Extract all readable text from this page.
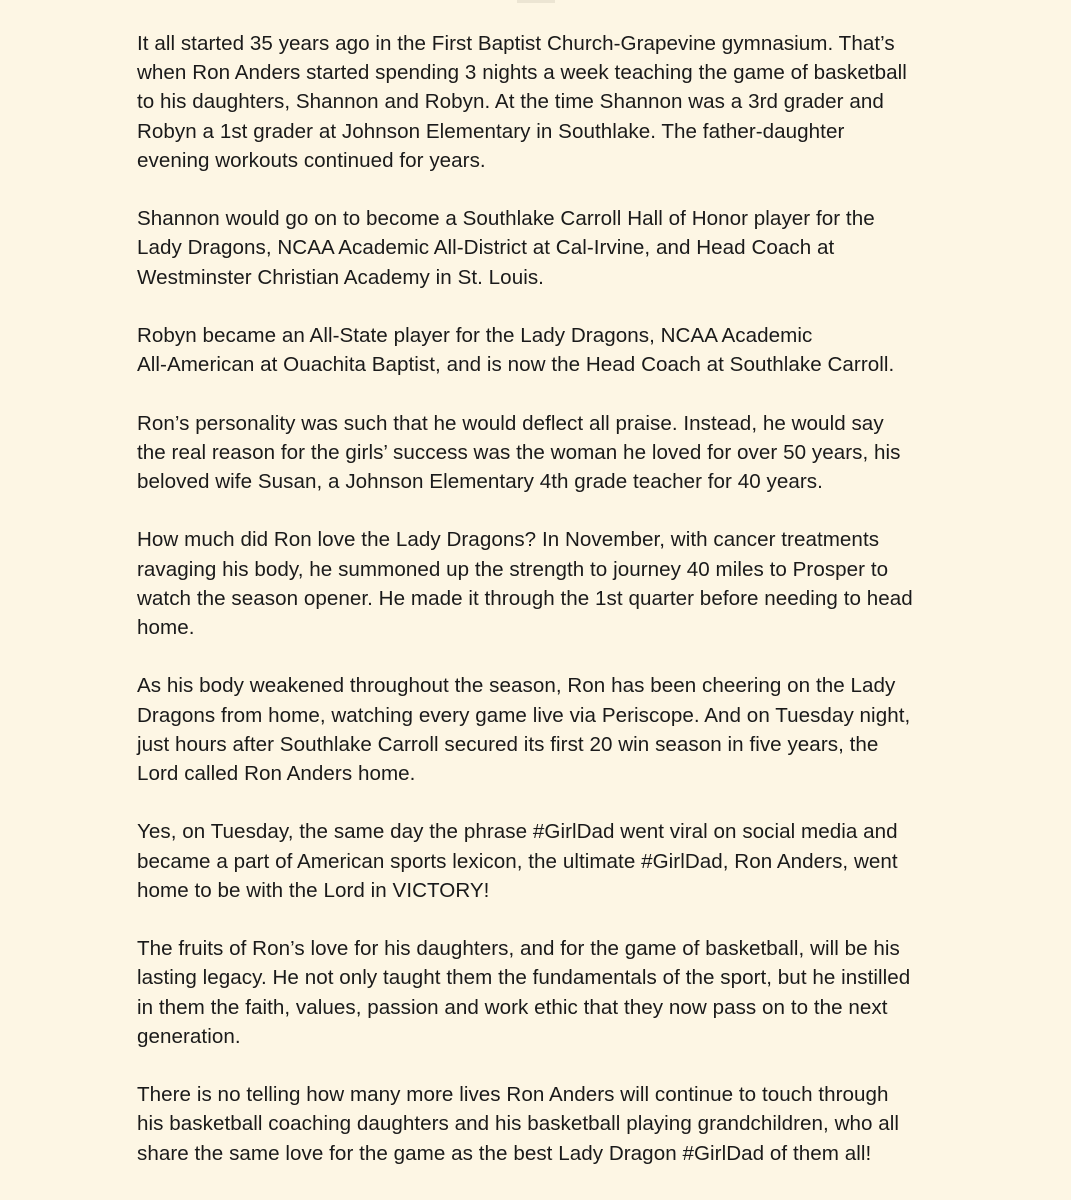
It all started 35 years ago in the First Baptist Church-Grapevine gymnasium. That’s
when Ron Anders started spending 3 nights a week teaching the game of basketball
to his daughters, Shannon and Robyn. At the time Shannon was a 3rd grader and
Robyn a 1st grader at Johnson Elementary in Southlake. The father-daughter
evening workouts continued for years.

Shannon would go on to become a Southlake Carroll Hall of Honor player for the
Lady Dragons, NCAA Academic All-District at Cal-Irvine, and Head Coach at
Westminster Christian Academy in St. Louis.

Robyn became an All-State player for the Lady Dragons, NCAA Academic
All-American at Ouachita Baptist, and is now the Head Coach at Southlake Carroll.

Ron’s personality was such that he would deflect all praise. Instead, he would say
the real reason for the girls’ success was the woman he loved for over 50 years, his
beloved wife Susan, a Johnson Elementary 4th grade teacher for 40 years.

How much did Ron love the Lady Dragons? In November, with cancer treatments
ravaging his body, he summoned up the strength to journey 40 miles to Prosper to
watch the season opener. He made it through the 1st quarter before needing to head
home.

As his body weakened throughout the season, Ron has been cheering on the Lady
Dragons from home, watching every game live via Periscope. And on Tuesday night,
just hours after Southlake Carroll secured its first 20 win season in five years, the
Lord called Ron Anders home.

Yes, on Tuesday, the same day the phrase #GirlDad went viral on social media and
became a part of American sports lexicon, the ultimate #GirlDad, Ron Anders, went
home to be with the Lord in VICTORY!

The fruits of Ron’s love for his daughters, and for the game of basketball, will be his
lasting legacy. He not only taught them the fundamentals of the sport, but he instilled
in them the faith, values, passion and work ethic that they now pass on to the next
generation.

There is no telling how many more lives Ron Anders will continue to touch through
his basketball coaching daughters and his basketball playing grandchildren, who all
share the same love for the game as the best Lady Dragon #GirlDad of them all!
